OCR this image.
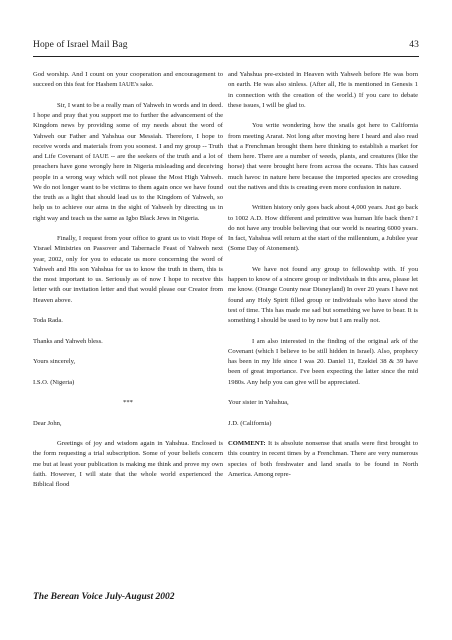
Hope of Israel Mail Bag	43

God worship. And I count on your cooperation and encouragement to succeed on this feat for Hashem IAUE's sake.

Sir, I want to be a really man of Yahweh in words and in deed. I hope and pray that you support me to further the advancement of the Kingdom news by providing some of my needs about the word of Yahweh our Father and Yahshua our Messiah. Therefore, I hope to receive words and materials from you soonest. I and my group -- Truth and Life Covenant of IAUE -- are the seekers of the truth and a lot of preachers have gone wrongly here in Nigeria misleading and deceiving people in a wrong way which will not please the Most High Yahweh. We do not longer want to be victims to them again once we have found the truth as a light that should lead us to the Kingdom of Yahweh, so help us to achieve our aims in the sight of Yahweh by directing us in right way and teach us the same as Igbo Black Jews in Nigeria.

Finally, I request from your office to grant us to visit Hope of Yisrael Ministries on Passover and Tabernacle Feast of Yahweh next year, 2002, only for you to educate us more concerning the word of Yahweh and His son Yahshua for us to know the truth in them, this is the most important to us. Seriously as of now I hope to receive this letter with our invitation letter and that would please our Creator from Heaven above.

Toda Rada.

Thanks and Yahweh bless.

Yours sincerely,

I.S.O. (Nigeria)

***

Dear John,

Greetings of joy and wisdom again in Yahshua. Enclosed is the form requesting a trial subscription. Some of your beliefs concern me but at least your publication is making me think and prove my own faith. However, I will state that the whole world experienced the Biblical flood

and Yahshua pre-existed in Heaven with Yahweh before He was born on earth. He was also sinless. (After all, He is mentioned in Genesis 1 in connection with the creation of the world.) If you care to debate these issues, I will be glad to.

You write wondering how the snails got here to California from meeting Ararat. Not long after moving here I heard and also read that a Frenchman brought them here thinking to establish a market for them here. There are a number of weeds, plants, and creatures (like the horse) that were brought here from across the oceans. This has caused much havoc in nature here because the imported species are crowding out the natives and this is creating even more confusion in nature.

Written history only goes back about 4,000 years. Just go back to 1002 A.D. How different and primitive was human life back then? I do not have any trouble believing that our world is nearing 6000 years. In fact, Yahshua will return at the start of the millennium, a Jubilee year (Some Day of Atonement).

We have not found any group to fellowship with. If you happen to know of a sincere group or individuals in this area, please let me know. (Orange County near Disneyland) In over 20 years I have not found any Holy Spirit filled group or individuals who have stood the test of time. This has made me sad but something we have to bear. It is something I should be used to by now but I am really not.

I am also interested in the finding of the original ark of the Covenant (which I believe to be still hidden in Israel). Also, prophecy has been in my life since I was 20. Daniel 11, Ezekiel 38 & 39 have been of great importance. I've been expecting the latter since the mid 1980s. Any help you can give will be appreciated.

Your sister in Yahshua,

J.D. (California)

COMMENT: It is absolute nonsense that snails were first brought to this country in recent times by a Frenchman. There are very numerous species of both freshwater and land snails to be found in North America. Among repre-

The Berean Voice July-August 2002
